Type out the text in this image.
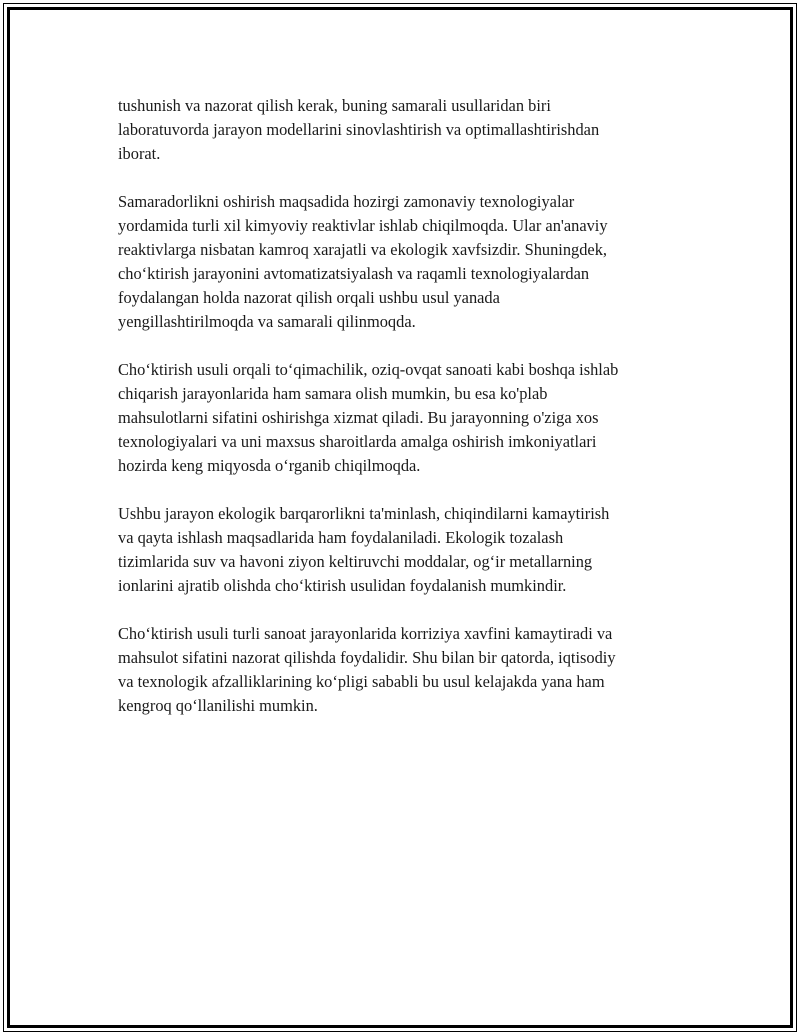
tushunish va nazorat qilish kerak, buning samarali usullaridan biri
laboratuvorda jarayon modellarini sinovlashtirish va optimallashtirishdan
iborat.

Samaradorlikni oshirish maqsadida hozirgi zamonaviy texnologiyalar
yordamida turli xil kimyoviy reaktivlar ishlab chiqilmoqda. Ular an'anaviy
reaktivlarga nisbatan kamroq xarajatli va ekologik xavfsizdir. Shuningdek,
cho‘ktirish jarayonini avtomatizatsiyalash va raqamli texnologiyalardan
foydalangan holda nazorat qilish orqali ushbu usul yanada
yengillashtirilmoqda va samarali qilinmoqda.

Cho‘ktirish usuli orqali to‘qimachilik, oziq-ovqat sanoati kabi boshqa ishlab
chiqarish jarayonlarida ham samara olish mumkin, bu esa ko'plab
mahsulotlarni sifatini oshirishga xizmat qiladi. Bu jarayonning o'ziga xos
texnologiyalari va uni maxsus sharoitlarda amalga oshirish imkoniyatlari
hozirda keng miqyosda o‘rganib chiqilmoqda.

Ushbu jarayon ekologik barqarorlikni ta'minlash, chiqindilarni kamaytirish
va qayta ishlash maqsadlarida ham foydalaniladi. Ekologik tozalash
tizimlarida suv va havoni ziyon keltiruvchi moddalar, og‘ir metallarning
ionlarini ajratib olishda cho‘ktirish usulidan foydalanish mumkindir.

Cho‘ktirish usuli turli sanoat jarayonlarida korriziya xavfini kamaytiradi va
mahsulot sifatini nazorat qilishda foydalidir. Shu bilan bir qatorda, iqtisodiy
va texnologik afzalliklarining ko‘pligi sababli bu usul kelajakda yana ham
kengroq qo‘llanilishi mumkin.
